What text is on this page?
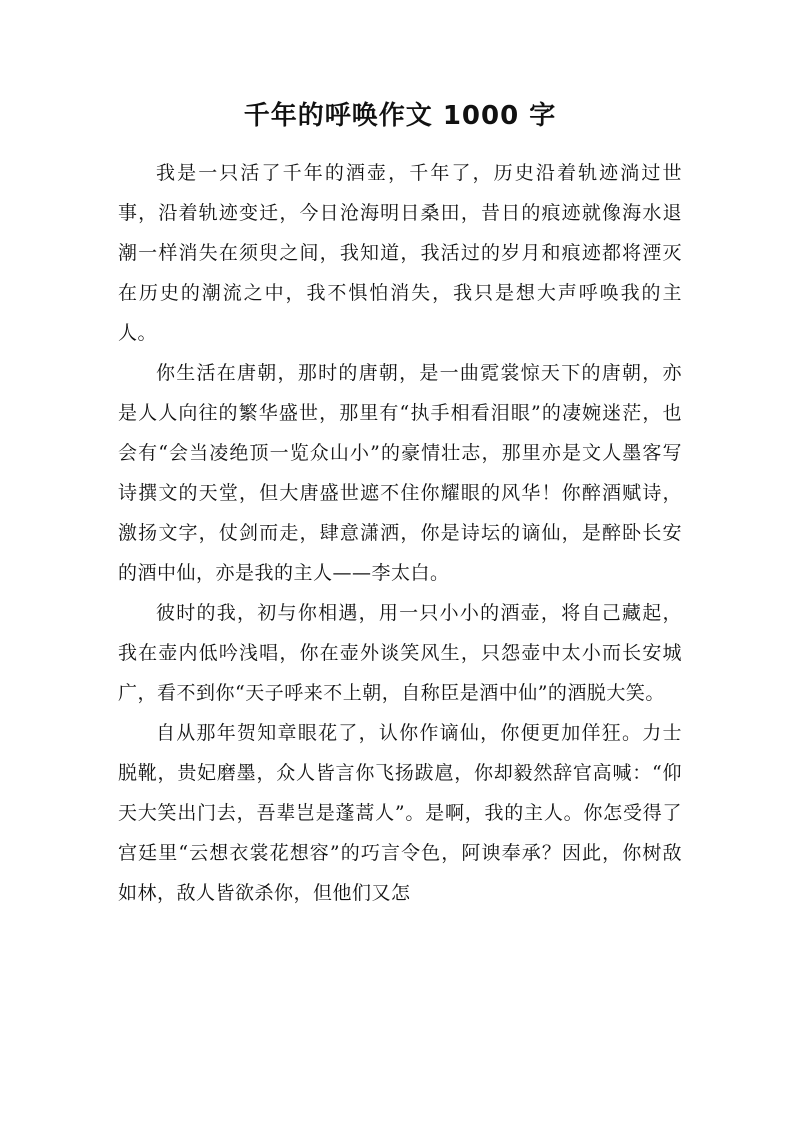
千年的呼唤作文 1000 字

我是一只活了千年的酒壶，千年了，历史沿着轨迹淌过世事，沿着轨迹变迁，今日沧海明日桑田，昔日的痕迹就像海水退潮一样消失在须臾之间，我知道，我活过的岁月和痕迹都将湮灭在历史的潮流之中，我不惧怕消失，我只是想大声呼唤我的主人。

你生活在唐朝，那时的唐朝，是一曲霓裳惊天下的唐朝，亦是人人向往的繁华盛世，那里有“执手相看泪眼”的凄婉迷茫，也会有“会当凌绝顶一览众山小”的豪情壮志，那里亦是文人墨客写诗撰文的天堂，但大唐盛世遮不住你耀眼的风华！你醉酒赋诗，激扬文字，仗剑而走，肆意潇洒，你是诗坛的谪仙，是醉卧长安的酒中仙，亦是我的主人——李太白。

彼时的我，初与你相遇，用一只小小的酒壶，将自己藏起，我在壶内低吟浅唱，你在壶外谈笑风生，只怨壶中太小而长安城广，看不到你“天子呼来不上朝，自称臣是酒中仙”的酒脱大笑。

自从那年贺知章眼花了，认你作谪仙，你便更加佯狂。力士脱靴，贵妃磨墨，众人皆言你飞扬跋扈，你却毅然辞官高喊：“仰天大笑出门去，吾辈岂是蓬蒿人”。是啊，我的主人。你怎受得了宫廷里“云想衣裳花想容”的巧言令色，阿谀奉承？因此，你树敌如林，敌人皆欲杀你，但他们又怎
